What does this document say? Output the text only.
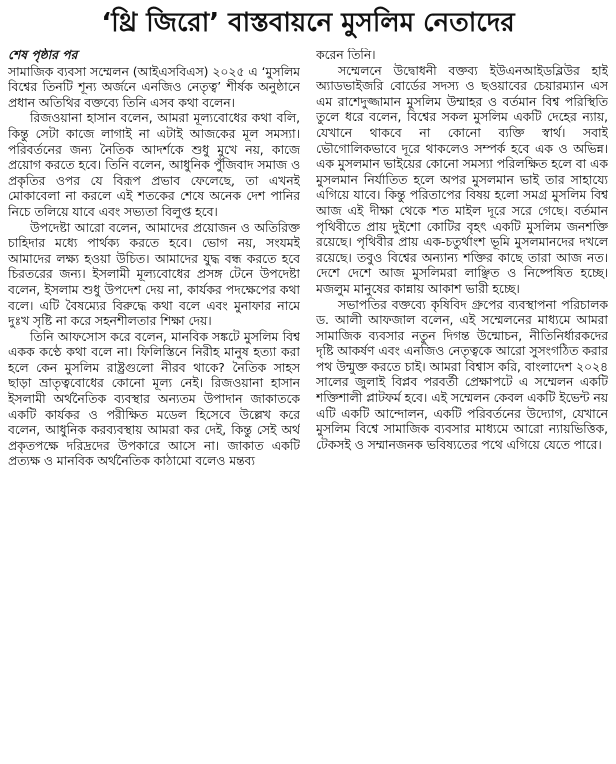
‘থ্রি জিরো’ বাস্তবায়নে মুসলিম নেতাদের

শেষ পৃষ্ঠার পর

সামাজিক ব্যবসা সম্মেলন (আইএসবিএস) ২০২৫ এ ‘মুসলিম বিশ্বের তিনটি শূন্য অর্জনে এনজিও নেতৃত্ব’ শীর্ষক অনুষ্ঠানে প্রধান অতিথির বক্তব্যে তিনি এসব কথা বলেন।

রিজওয়ানা হাসান বলেন, আমরা মূল্যবোধের কথা বলি, কিন্তু সেটা কাজে লাগাই না এটাই আজকের মূল সমস্যা। পরিবর্তনের জন্য নৈতিক আদর্শকে শুধু মুখে নয়, কাজে প্রয়োগ করতে হবে। তিনি বলেন, আধুনিক পুঁজিবাদ সমাজ ও প্রকৃতির ওপর যে বিরূপ প্রভাব ফেলেছে, তা এখনই মোকাবেলা না করলে এই শতকের শেষে অনেক দেশ পানির নিচে তলিয়ে যাবে এবং সভ্যতা বিলুপ্ত হবে।

উপদেষ্টা আরো বলেন, আমাদের প্রয়োজন ও অতিরিক্ত চাহিদার মধ্যে পার্থক্য করতে হবে। ভোগ নয়, সংযমই আমাদের লক্ষ্য হওয়া উচিত। আমাদের যুদ্ধ বন্ধ করতে হবে চিরতরের জন্য। ইসলামী মূল্যবোধের প্রসঙ্গ টেনে উপদেষ্টা বলেন, ইসলাম শুধু উপদেশ দেয় না, কার্যকর পদক্ষেপের কথা বলে। এটি বৈষম্যের বিরুদ্ধে কথা বলে এবং মুনাফার নামে দুঃখ সৃষ্টি না করে সহনশীলতার শিক্ষা দেয়।

তিনি আফসোস করে বলেন, মানবিক সঙ্কটে মুসলিম বিশ্ব একক কণ্ঠে কথা বলে না। ফিলিস্তিনে নিরীহ মানুষ হত্যা করা হলে কেন মুসলিম রাষ্ট্রগুলো নীরব থাকে? নৈতিক সাহস ছাড়া ভ্রাতৃত্ববোধের কোনো মূল্য নেই। রিজওয়ানা হাসান ইসলামী অর্থনৈতিক ব্যবস্থার অন্যতম উপাদান জাকাতকে একটি কার্যকর ও পরীক্ষিত মডেল হিসেবে উল্লেখ করে বলেন, আধুনিক করব্যবস্থায় আমরা কর দেই, কিন্তু সেই অর্থ প্রকৃতপক্ষে দরিদ্রদের উপকারে আসে না। জাকাত একটি প্রত্যক্ষ ও মানবিক অর্থনৈতিক কাঠামো বলেও মন্তব্য

করেন তিনি।

সম্মেলনে উদ্বোধনী বক্তব্য ইউএনআইডব্লিউর হাই অ্যাডভাইজরি বোর্ডের সদস্য ও ছওয়াবের চেয়ারম্যান এস এম রাশেদুজ্জামান মুসলিম উম্মাহর ও বর্তমান বিশ্ব পরিস্থিতি তুলে ধরে বলেন, বিশ্বের সকল মুসলিম একটি দেহের ন্যায়, যেখানে থাকবে না কোনো ব্যক্তি স্বার্থ। সবাই ভৌগোলিকভাবে দূরে থাকলেও সম্পর্ক হবে এক ও অভিন্ন। এক মুসলমান ভাইয়ের কোনো সমস্যা পরিলক্ষিত হলে বা এক মুসলমান নির্যাতিত হলে অপর মুসলমান ভাই তার সাহায্যে এগিয়ে যাবে। কিন্তু পরিতাপের বিষয় হলো সমগ্র মুসলিম বিশ্ব আজ এই দীক্ষা থেকে শত মাইল দূরে সরে গেছে। বর্তমান পৃথিবীতে প্রায় দুইশো কোটির বৃহৎ একটি মুসলিম জনশক্তি রয়েছে। পৃথিবীর প্রায় এক-চতুর্থাংশ ভূমি মুসলমানদের দখলে রয়েছে। তবুও বিশ্বের অন্যান্য শক্তির কাছে তারা আজ নত। দেশে দেশে আজ মুসলিমরা লাঞ্ছিত ও নিষ্পেষিত হচ্ছে। মজলুম মানুষের কান্নায় আকাশ ভারী হচ্ছে।

সভাপতির বক্তব্যে কৃষিবিদ গ্রুপের ব্যবস্থাপনা পরিচালক ড. আলী আফজাল বলেন, এই সম্মেলনের মাধ্যমে আমরা সামাজিক ব্যবসার নতুন দিগন্ত উন্মোচন, নীতিনির্ধারকদের দৃষ্টি আকর্ষণ এবং এনজিও নেতৃত্বকে আরো সুসংগঠিত করার পথ উন্মুক্ত করতে চাই। আমরা বিশ্বাস করি, বাংলাদেশ ২০২৪ সালের জুলাই বিপ্লব পরবর্তী প্রেক্ষাপটে এ সম্মেলন একটি শক্তিশালী প্লাটফর্ম হবে। এই সম্মেলন কেবল একটি ইভেন্ট নয় এটি একটি আন্দোলন, একটি পরিবর্তনের উদ্যোগ, যেখানে মুসলিম বিশ্বে সামাজিক ব্যবসার মাধ্যমে আরো ন্যায়ভিত্তিক, টেকসই ও সম্মানজনক ভবিষ্যতের পথে এগিয়ে যেতে পারে।
